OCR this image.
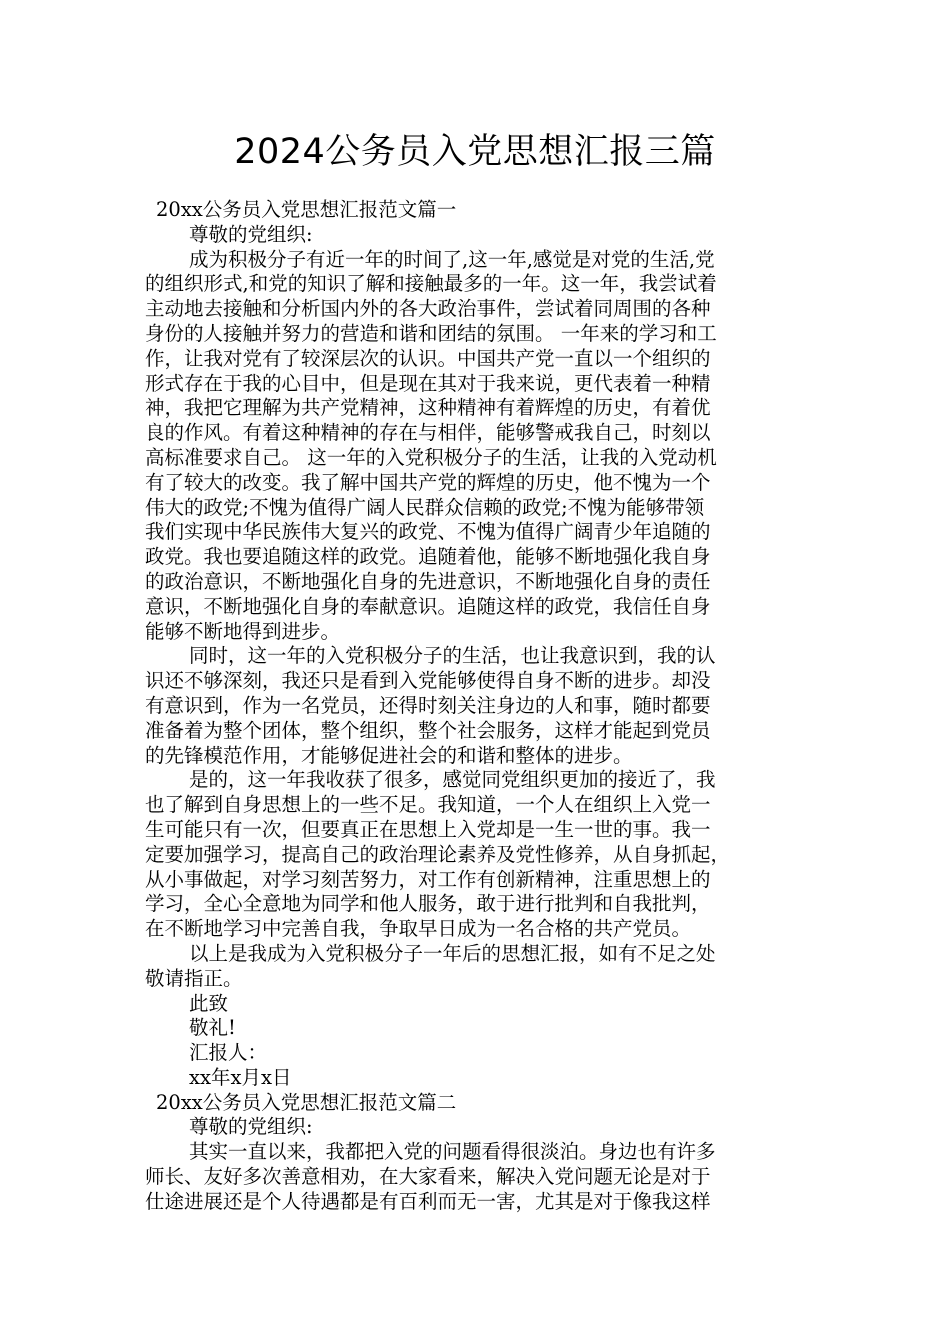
2024公务员入党思想汇报三篇
20xx公务员入党思想汇报范文篇一
尊敬的党组织:
成为积极分子有近一年的时间了,这一年,感觉是对党的生活,党
的组织形式,和党的知识了解和接触最多的一年。这一年，我尝试着
主动地去接触和分析国内外的各大政治事件，尝试着同周围的各种
身份的人接触并努力的营造和谐和团结的氛围。 一年来的学习和工
作，让我对党有了较深层次的认识。中国共产党一直以一个组织的
形式存在于我的心目中，但是现在其对于我来说，更代表着一种精
神，我把它理解为共产党精神，这种精神有着辉煌的历史，有着优
良的作风。有着这种精神的存在与相伴，能够警戒我自己，时刻以
高标准要求自己。 这一年的入党积极分子的生活，让我的入党动机
有了较大的改变。我了解中国共产党的辉煌的历史，他不愧为一个
伟大的政党;不愧为值得广阔人民群众信赖的政党;不愧为能够带领
我们实现中华民族伟大复兴的政党、不愧为值得广阔青少年追随的
政党。我也要追随这样的政党。追随着他，能够不断地强化我自身
的政治意识，不断地强化自身的先进意识，不断地强化自身的责任
意识，不断地强化自身的奉献意识。追随这样的政党，我信任自身
能够不断地得到进步。
同时，这一年的入党积极分子的生活，也让我意识到，我的认
识还不够深刻，我还只是看到入党能够使得自身不断的进步。却没
有意识到，作为一名党员，还得时刻关注身边的人和事，随时都要
准备着为整个团体，整个组织，整个社会服务，这样才能起到党员
的先锋模范作用，才能够促进社会的和谐和整体的进步。
是的，这一年我收获了很多，感觉同党组织更加的接近了，我
也了解到自身思想上的一些不足。我知道，一个人在组织上入党一
生可能只有一次，但要真正在思想上入党却是一生一世的事。我一
定要加强学习，提高自己的政治理论素养及党性修养，从自身抓起，
从小事做起，对学习刻苦努力，对工作有创新精神，注重思想上的
学习，全心全意地为同学和他人服务，敢于进行批判和自我批判，
在不断地学习中完善自我，争取早日成为一名合格的共产党员。
以上是我成为入党积极分子一年后的思想汇报，如有不足之处
敬请指正。
此致
敬礼!
汇报人：
xx年x月x日
20xx公务员入党思想汇报范文篇二
尊敬的党组织:
其实一直以来，我都把入党的问题看得很淡泊。身边也有许多
师长、友好多次善意相劝，在大家看来，解决入党问题无论是对于
仕途进展还是个人待遇都是有百利而无一害，尤其是对于像我这样
